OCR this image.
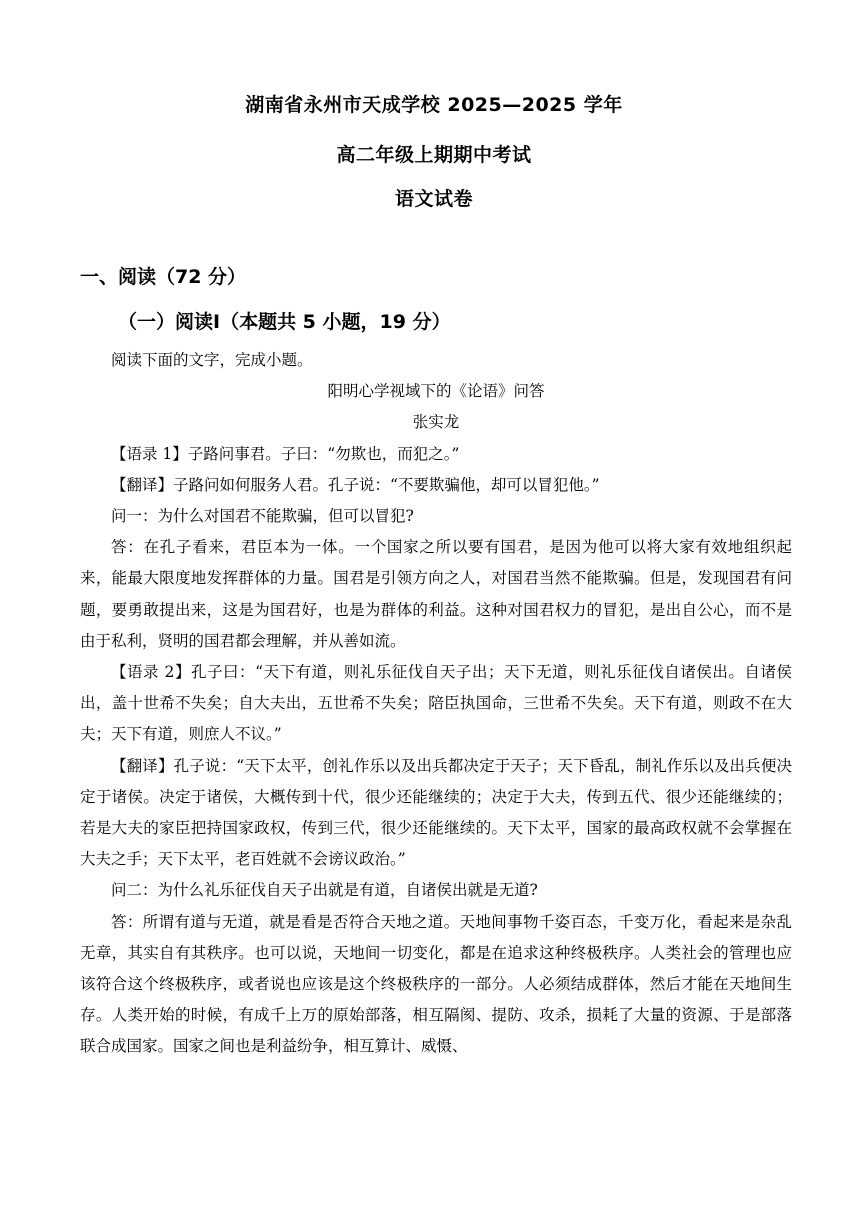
湖南省永州市天成学校 2025—2025 学年
高二年级上期期中考试
语文试卷
一、阅读（72 分）
（一）阅读Ⅰ（本题共 5 小题，19 分）

阅读下面的文字，完成小题。

阳明心学视域下的《论语》问答

张实龙

【语录 1】子路问事君。子曰：“勿欺也，而犯之。”

【翻译】子路问如何服务人君。孔子说：“不要欺骗他，却可以冒犯他。”

问一：为什么对国君不能欺骗，但可以冒犯?

答：在孔子看来，君臣本为一体。一个国家之所以要有国君，是因为他可以将大家有效地组织起来，能最大限度地发挥群体的力量。国君是引领方向之人，对国君当然不能欺骗。但是，发现国君有问题，要勇敢提出来，这是为国君好，也是为群体的利益。这种对国君权力的冒犯，是出自公心，而不是由于私利，贤明的国君都会理解，并从善如流。

【语录 2】孔子曰：“天下有道，则礼乐征伐自天子出；天下无道，则礼乐征伐自诸侯出。自诸侯出，盖十世希不失矣；自大夫出，五世希不失矣；陪臣执国命，三世希不失矣。天下有道，则政不在大夫；天下有道，则庶人不议。”

【翻译】孔子说：“天下太平，创礼作乐以及出兵都决定于天子；天下昏乱，制礼作乐以及出兵便决定于诸侯。决定于诸侯，大概传到十代，很少还能继续的；决定于大夫，传到五代、很少还能继续的；若是大夫的家臣把持国家政权，传到三代，很少还能继续的。天下太平，国家的最高政权就不会掌握在大夫之手；天下太平，老百姓就不会谤议政治。”

问二：为什么礼乐征伐自天子出就是有道，自诸侯出就是无道?

答：所谓有道与无道，就是看是否符合天地之道。天地间事物千姿百态，千变万化，看起来是杂乱无章，其实自有其秩序。也可以说，天地间一切变化，都是在追求这种终极秩序。人类社会的管理也应该符合这个终极秩序，或者说也应该是这个终极秩序的一部分。人必须结成群体，然后才能在天地间生存。人类开始的时候，有成千上万的原始部落，相互隔阂、提防、攻杀，损耗了大量的资源、于是部落联合成国家。国家之间也是利益纷争，相互算计、威慑、
